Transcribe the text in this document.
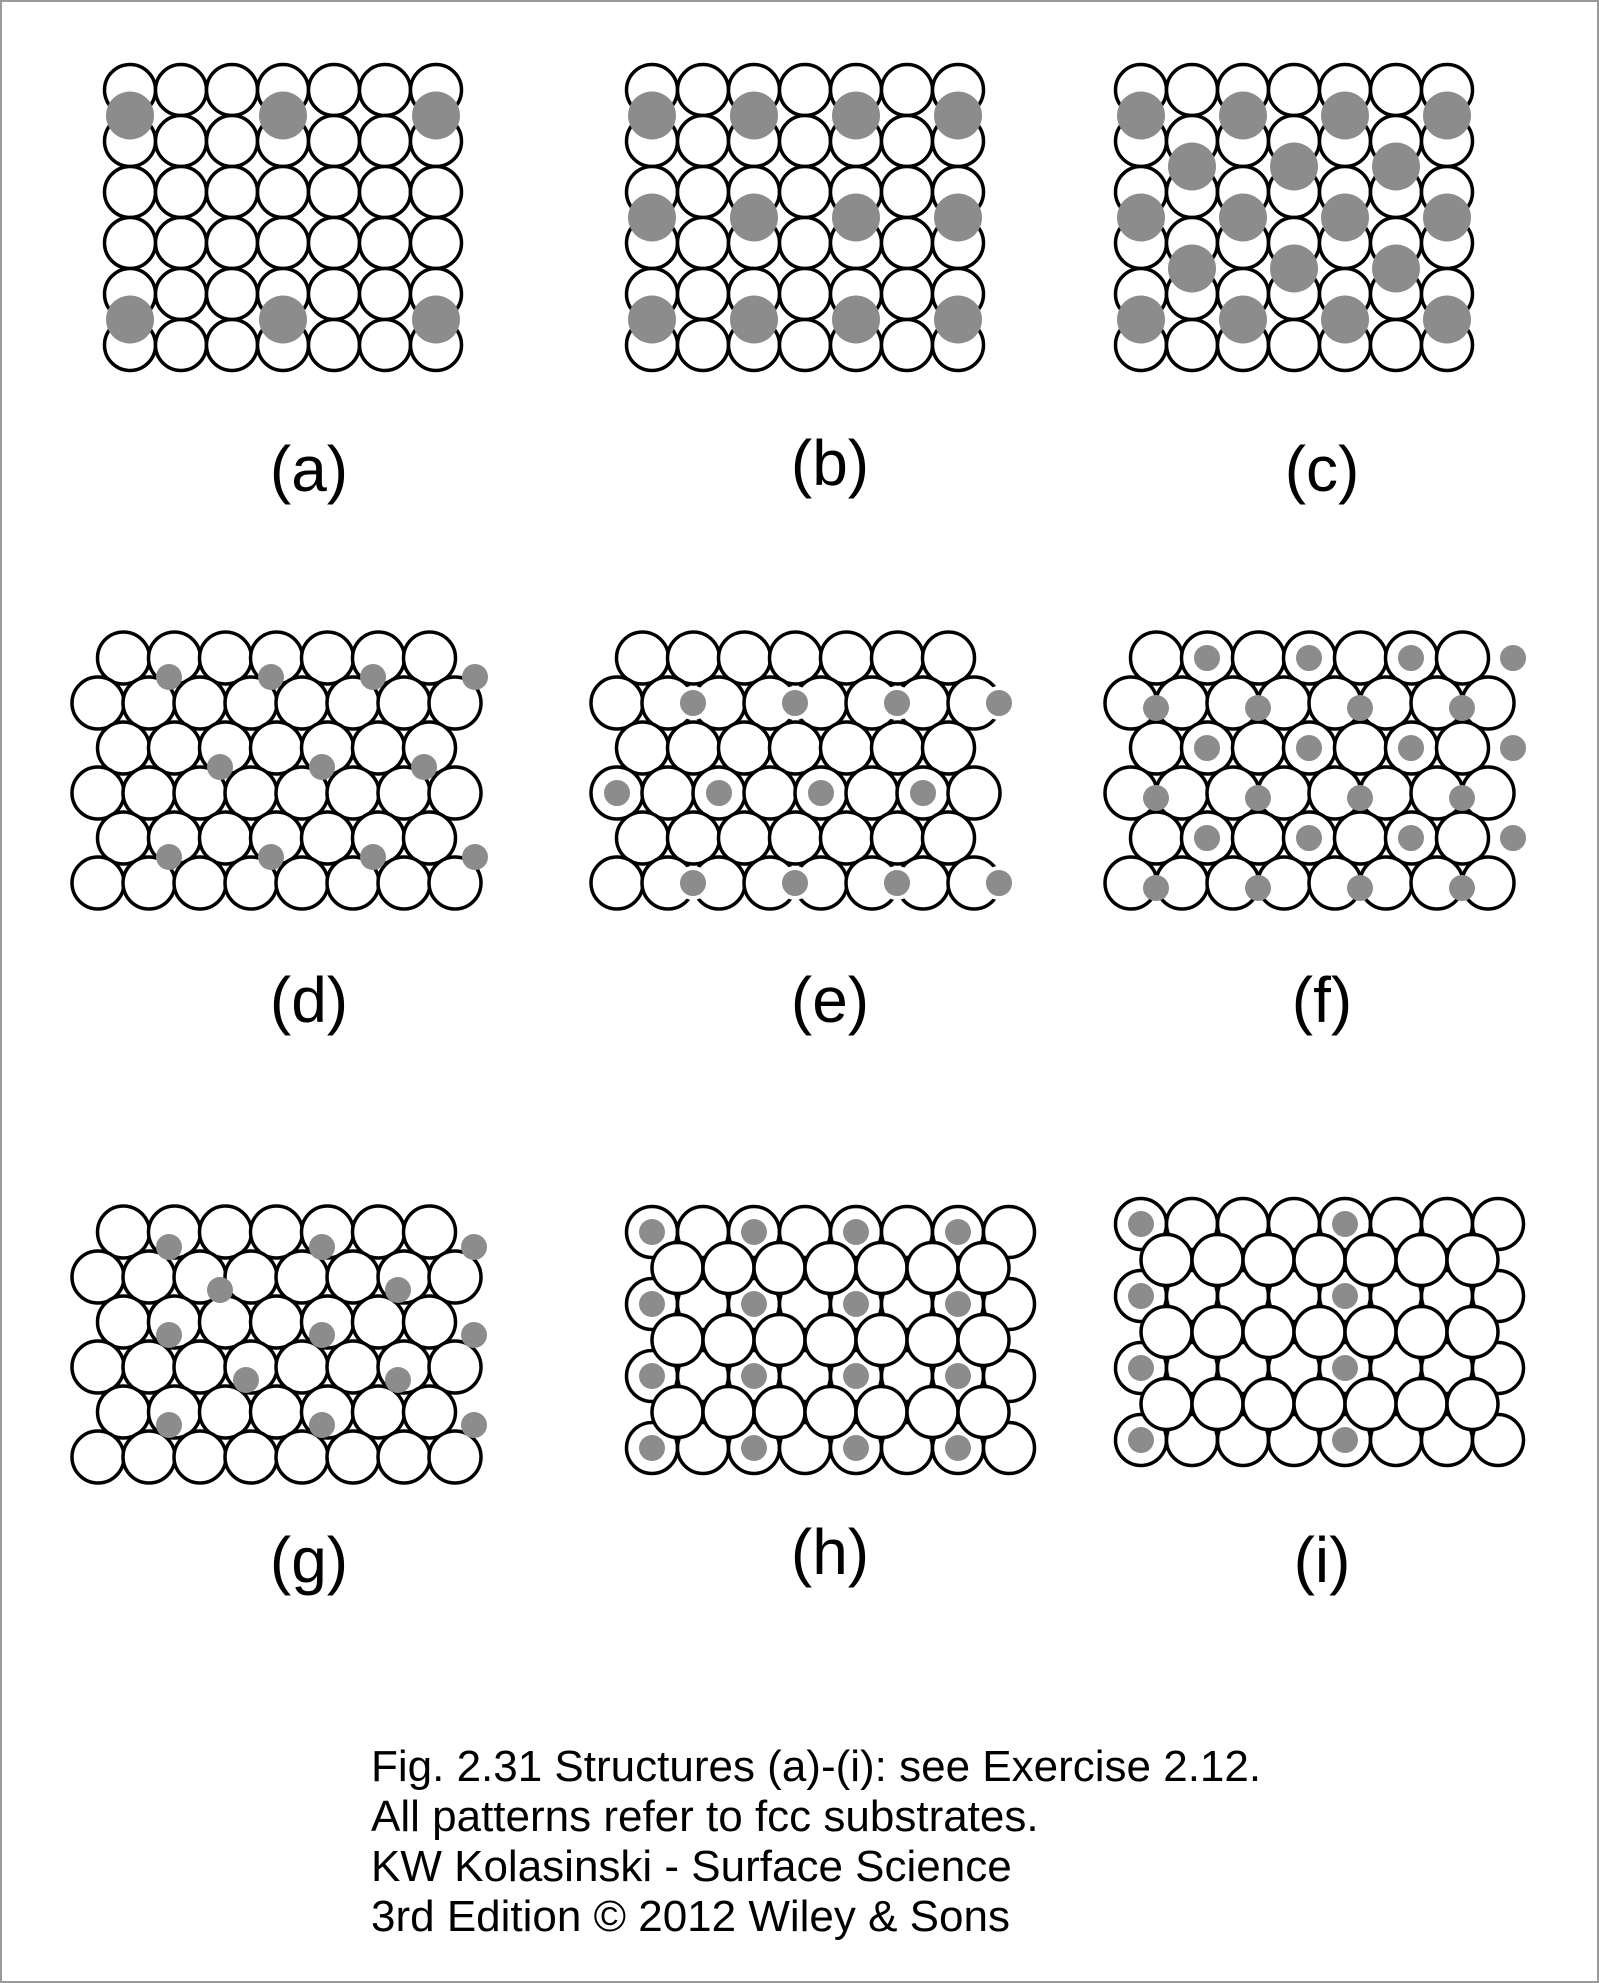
(a)	(b)	(c)
(d)	(e)	(f)
(g)	(h)	(i)
Fig. 2.31 Structures (a)-(i): see Exercise 2.12.
All patterns refer to fcc substrates.
KW Kolasinski - Surface Science
3rd Edition © 2012 Wiley & Sons
